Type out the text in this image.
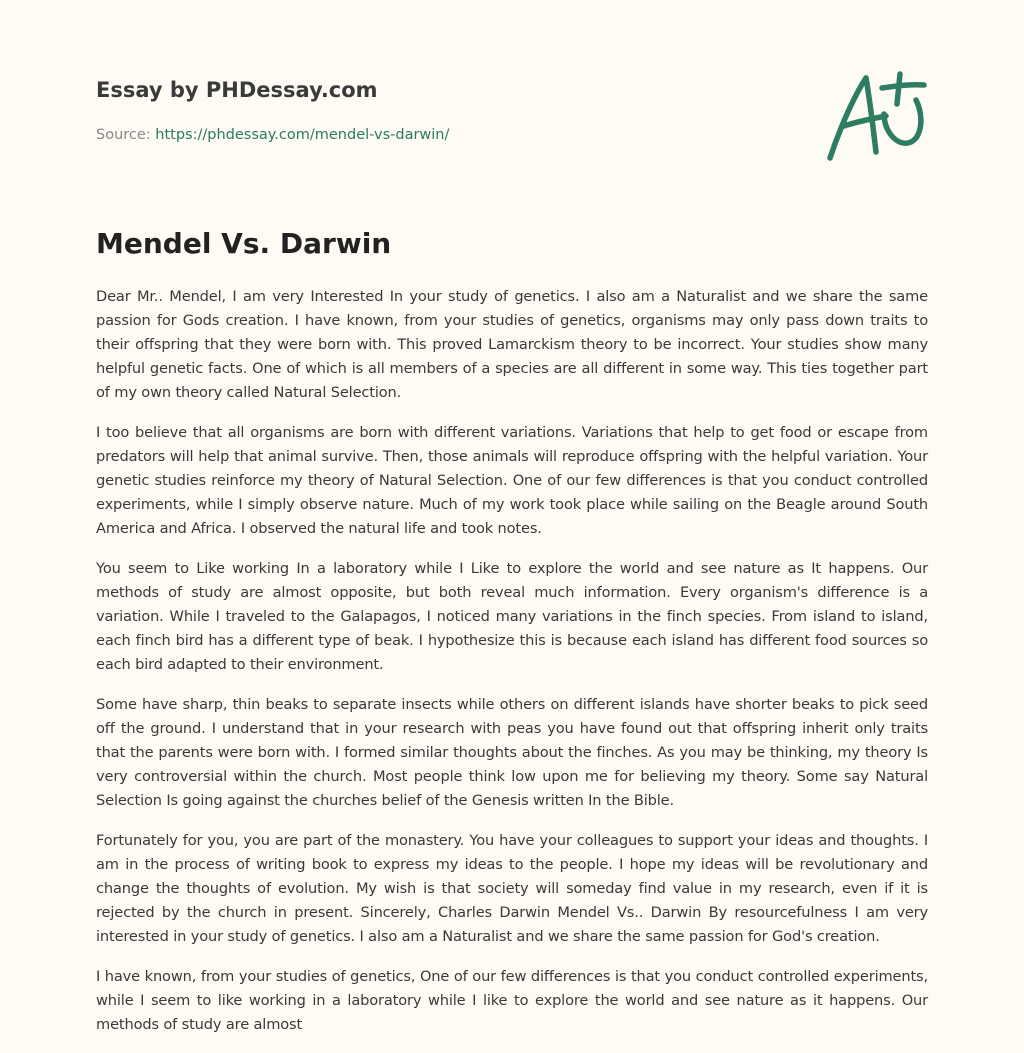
Essay by PHDessay.com
Source: https://phdessay.com/mendel-vs-darwin/
Mendel Vs. Darwin

Dear Mr.. Mendel, I am very Interested In your study of genetics. I also am a Naturalist and we share the same passion for Gods creation. I have known, from your studies of genetics, organisms may only pass down traits to their offspring that they were born with. This proved Lamarckism theory to be incorrect. Your studies show many helpful genetic facts. One of which is all members of a species are all different in some way. This ties together part of my own theory called Natural Selection.

I too believe that all organisms are born with different variations. Variations that help to get food or escape from predators will help that animal survive. Then, those animals will reproduce offspring with the helpful variation. Your genetic studies reinforce my theory of Natural Selection. One of our few differences is that you conduct controlled experiments, while I simply observe nature. Much of my work took place while sailing on the Beagle around South America and Africa. I observed the natural life and took notes.

You seem to Like working In a laboratory while I Like to explore the world and see nature as It happens. Our methods of study are almost opposite, but both reveal much information. Every organism's difference is a variation. While I traveled to the Galapagos, I noticed many variations in the finch species. From island to island, each finch bird has a different type of beak. I hypothesize this is because each island has different food sources so each bird adapted to their environment.

Some have sharp, thin beaks to separate insects while others on different islands have shorter beaks to pick seed off the ground. I understand that in your research with peas you have found out that offspring inherit only traits that the parents were born with. I formed similar thoughts about the finches. As you may be thinking, my theory Is very controversial within the church. Most people think low upon me for believing my theory. Some say Natural Selection Is going against the churches belief of the Genesis written In the Bible.

Fortunately for you, you are part of the monastery. You have your colleagues to support your ideas and thoughts. I am in the process of writing book to express my ideas to the people. I hope my ideas will be revolutionary and change the thoughts of evolution. My wish is that society will someday find value in my research, even if it is rejected by the church in present. Sincerely, Charles Darwin Mendel Vs.. Darwin By resourcefulness I am very interested in your study of genetics. I also am a Naturalist and we share the same passion for God's creation.

I have known, from your studies of genetics, One of our few differences is that you conduct controlled experiments, while I seem to like working in a laboratory while I like to explore the world and see nature as it happens. Our methods of study are almost
